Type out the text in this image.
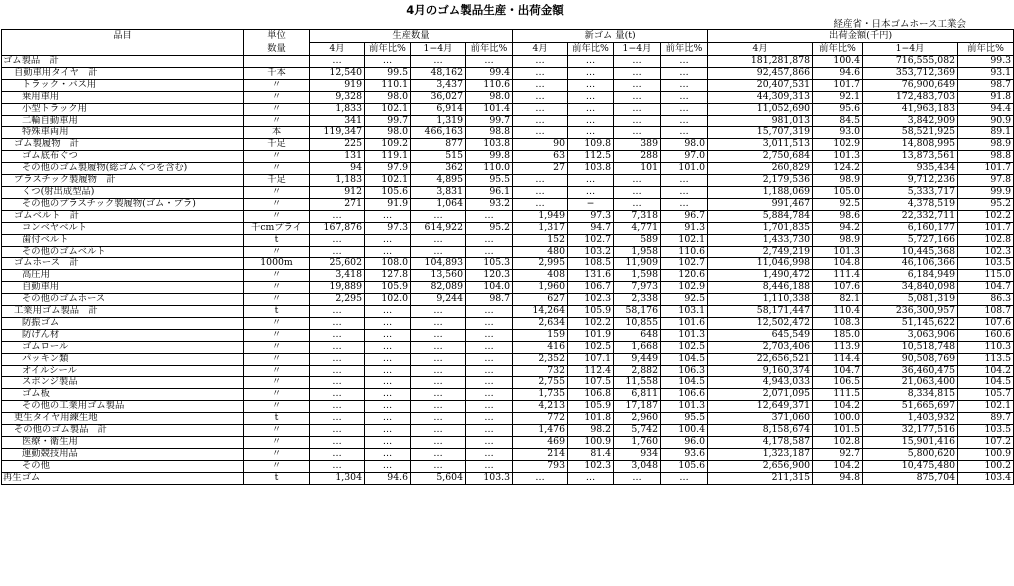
4月のゴム製品生産・出荷金額
経産省・日本ゴムホース工業会
品目	単位	生産数量				新ゴム 量(t)				出荷金額(千円)			
	数量	4月	前年比%	1−4月	前年比%	4月	前年比%	1−4月	前年比%	4月	前年比%	1−4月	前年比%
ゴム製品　計		…	…	…	…	…	…	…	…	181,281,878	100.4	716,555,082	99.3
自動車用タイヤ　計	千本	12,540	99.5	48,162	99.4	…	…	…	…	92,457,866	94.6	353,712,369	93.1
トラック・バス用	〃	919	110.1	3,437	110.6	…	…	…	…	20,407,531	101.7	76,900,649	98.7
乗用車用	〃	9,328	98.0	36,027	98.0	…	…	…	…	44,309,313	92.1	172,483,703	91.8
小型トラック用	〃	1,833	102.1	6,914	101.4	…	…	…	…	11,052,690	95.6	41,963,183	94.4
二輪自動車用	〃	341	99.7	1,319	99.7	…	…	…	…	981,013	84.5	3,842,909	90.9
特殊車両用	本	119,347	98.0	466,163	98.8	…	…	…	…	15,707,319	93.0	58,521,925	89.1
ゴム製履物　計	千足	225	109.2	877	103.8	90	109.8	389	98.0	3,011,513	102.9	14,808,995	98.9
ゴム底布ぐつ	〃	131	119.1	515	99.8	63	112.5	288	97.0	2,750,684	101.3	13,873,561	98.8
その他のゴム製履物(総ゴムぐつを含む)	〃	94	97.9	362	110.0	27	103.8	101	101.0	260,829	124.2	935,434	101.7
プラスチック製履物　計	千足	1,183	102.1	4,895	95.5	…	…	…	…	2,179,536	98.9	9,712,236	97.8
くつ(射出成型品)	〃	912	105.6	3,831	96.1	…	…	…	…	1,188,069	105.0	5,333,717	99.9
その他のプラスチック製履物(ゴム・プラ)	〃	271	91.9	1,064	93.2	…	−	…	…	991,467	92.5	4,378,519	95.2
ゴムベルト　計	〃	…	…	…	…	1,949	97.3	7,318	96.7	5,884,784	98.6	22,332,711	102.2
コンベヤベルト	千cmプライ	167,876	97.3	614,922	95.2	1,317	94.7	4,771	91.3	1,701,835	94.2	6,160,177	101.7
歯付ベルト	t	…	…	…	…	152	102.7	589	102.1	1,433,730	98.9	5,727,166	102.8
その他のゴムベルト	〃	…	…	…	…	480	103.2	1,958	110.6	2,749,219	101.3	10,445,368	102.3
ゴムホース　計	1000m	25,602	108.0	104,893	105.3	2,995	108.5	11,909	102.7	11,046,998	104.8	46,106,366	103.5
高圧用	〃	3,418	127.8	13,560	120.3	408	131.6	1,598	120.6	1,490,472	111.4	6,184,949	115.0
自動車用	〃	19,889	105.9	82,089	104.0	1,960	106.7	7,973	102.9	8,446,188	107.6	34,840,098	104.7
その他のゴムホース	〃	2,295	102.0	9,244	98.7	627	102.3	2,338	92.5	1,110,338	82.1	5,081,319	86.3
工業用ゴム製品　計	t	…	…	…	…	14,264	105.9	58,176	103.1	58,171,447	110.4	236,300,957	108.7
防振ゴム	〃	…	…	…	…	2,634	102.2	10,855	101.6	12,502,472	108.3	51,145,622	107.6
防げん材	〃	…	…	…	…	159	101.9	648	101.3	645,549	185.0	3,063,906	160.6
ゴムロール	〃	…	…	…	…	416	102.5	1,668	102.5	2,703,406	113.9	10,518,748	110.3
パッキン類	〃	…	…	…	…	2,352	107.1	9,449	104.5	22,656,521	114.4	90,508,769	113.5
オイルシール	〃	…	…	…	…	732	112.4	2,882	106.3	9,160,374	104.7	36,460,475	104.2
スポンジ製品	〃	…	…	…	…	2,755	107.5	11,558	104.5	4,943,033	106.5	21,063,400	104.5
ゴム板	〃	…	…	…	…	1,735	106.8	6,811	106.6	2,071,095	111.5	8,334,815	105.7
その他の工業用ゴム製品	〃	…	…	…	…	4,213	105.9	17,187	101.3	12,649,371	104.2	51,665,697	102.1
更生タイヤ用練生地	t	…	…	…	…	772	101.8	2,960	95.5	371,060	100.0	1,403,932	89.7
その他のゴム製品　計	〃	…	…	…	…	1,476	98.2	5,742	100.4	8,158,674	101.5	32,177,516	103.5
医療・衛生用	〃	…	…	…	…	469	100.9	1,760	96.0	4,178,587	102.8	15,901,416	107.2
運動競技用品	〃	…	…	…	…	214	81.4	934	93.6	1,323,187	92.7	5,800,620	100.9
その他	〃	…	…	…	…	793	102.3	3,048	105.6	2,656,900	104.2	10,475,480	100.2
再生ゴム	t	1,304	94.6	5,604	103.3	…	…	…	…	211,315	94.8	875,704	103.4
